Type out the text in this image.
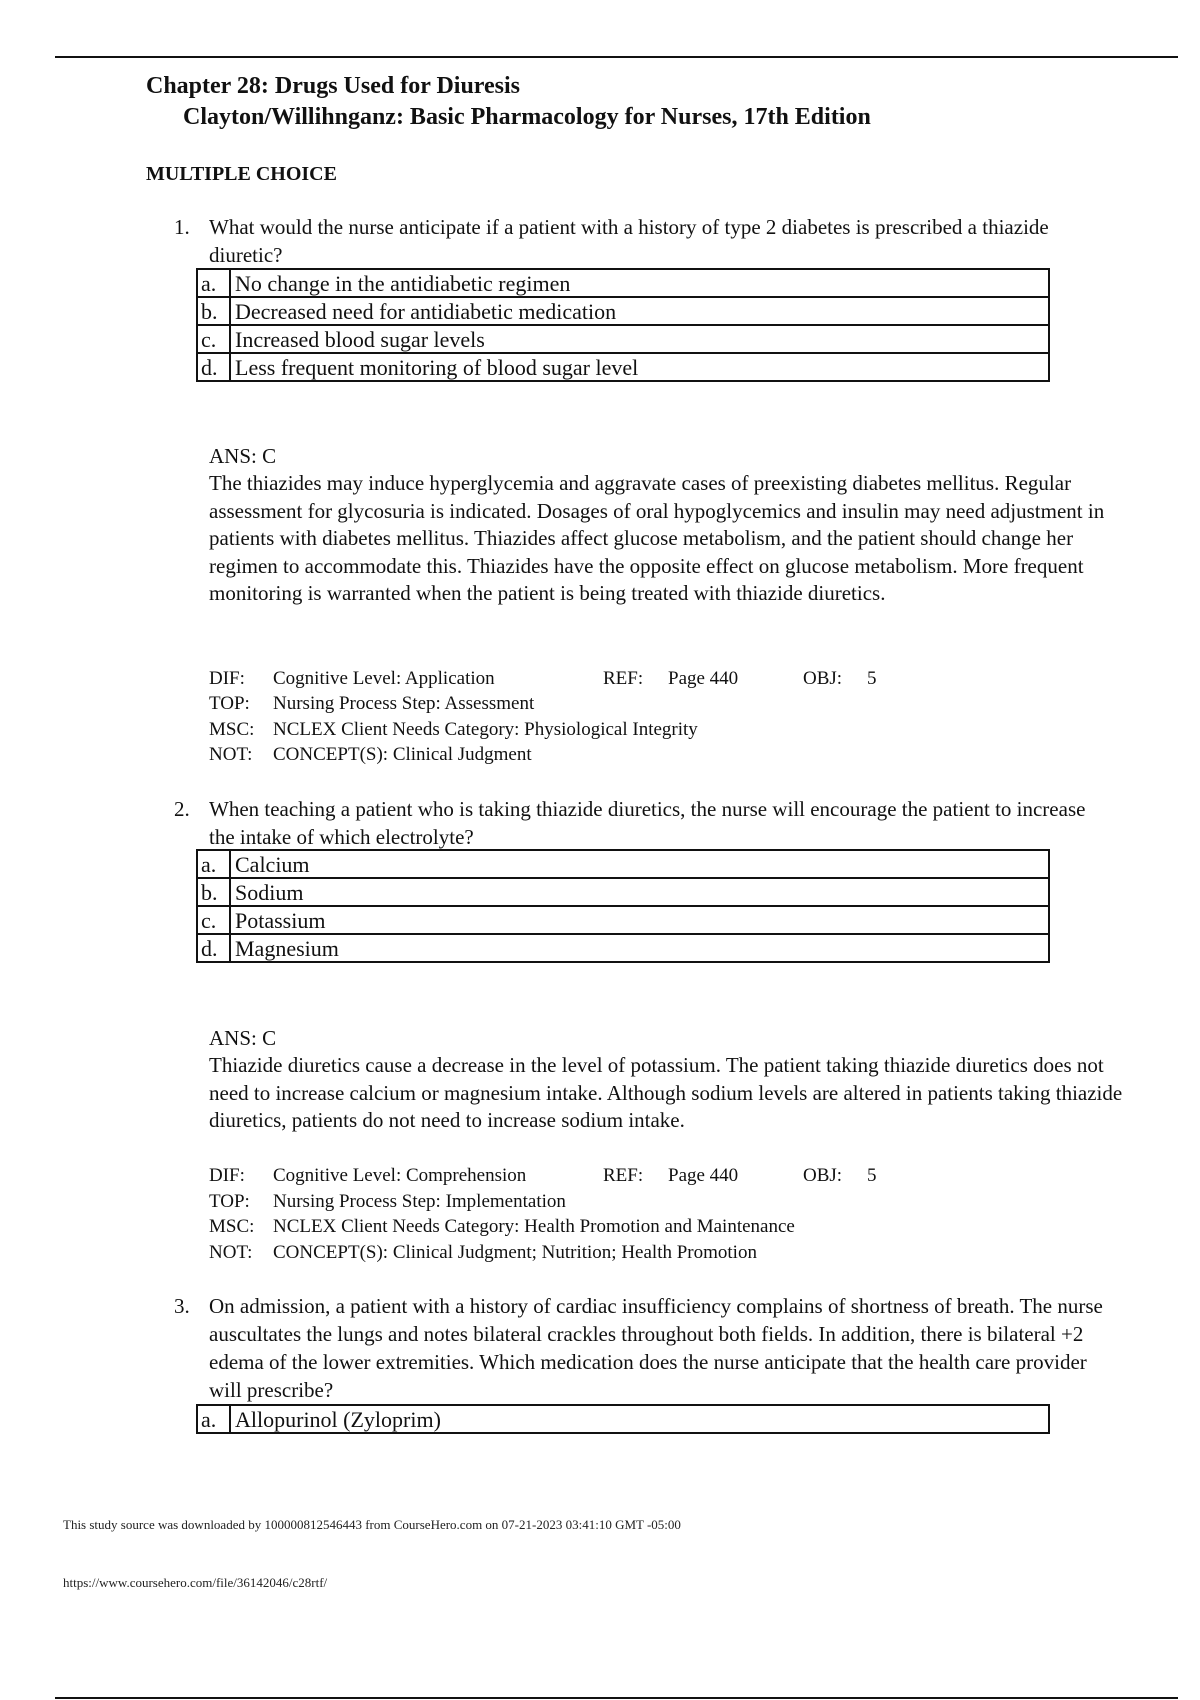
Chapter 28: Drugs Used for Diuresis
Clayton/Willihnganz: Basic Pharmacology for Nurses, 17th Edition
MULTIPLE CHOICE
1. What would the nurse anticipate if a patient with a history of type 2 diabetes is prescribed a thiazide diuretic?
a.	No change in the antidiabetic regimen
b.	Decreased need for antidiabetic medication
c.	Increased blood sugar levels
d.	Less frequent monitoring of blood sugar level
ANS: C
The thiazides may induce hyperglycemia and aggravate cases of preexisting diabetes mellitus. Regular assessment for glycosuria is indicated. Dosages of oral hypoglycemics and insulin may need adjustment in patients with diabetes mellitus. Thiazides affect glucose metabolism, and the patient should change her regimen to accommodate this. Thiazides have the opposite effect on glucose metabolism. More frequent monitoring is warranted when the patient is being treated with thiazide diuretics.
DIF: Cognitive Level: Application	REF: Page 440	OBJ: 5
TOP: Nursing Process Step: Assessment
MSC: NCLEX Client Needs Category: Physiological Integrity
NOT: CONCEPT(S): Clinical Judgment
2. When teaching a patient who is taking thiazide diuretics, the nurse will encourage the patient to increase the intake of which electrolyte?
a.	Calcium
b.	Sodium
c.	Potassium
d.	Magnesium
ANS: C
Thiazide diuretics cause a decrease in the level of potassium. The patient taking thiazide diuretics does not need to increase calcium or magnesium intake. Although sodium levels are altered in patients taking thiazide diuretics, patients do not need to increase sodium intake.
DIF: Cognitive Level: Comprehension	REF: Page 440	OBJ: 5
TOP: Nursing Process Step: Implementation
MSC: NCLEX Client Needs Category: Health Promotion and Maintenance
NOT: CONCEPT(S): Clinical Judgment; Nutrition; Health Promotion
3. On admission, a patient with a history of cardiac insufficiency complains of shortness of breath. The nurse auscultates the lungs and notes bilateral crackles throughout both fields. In addition, there is bilateral +2 edema of the lower extremities. Which medication does the nurse anticipate that the health care provider will prescribe?
a.	Allopurinol (Zyloprim)
This study source was downloaded by 100000812546443 from CourseHero.com on 07-21-2023 03:41:10 GMT -05:00
https://www.coursehero.com/file/36142046/c28rtf/
